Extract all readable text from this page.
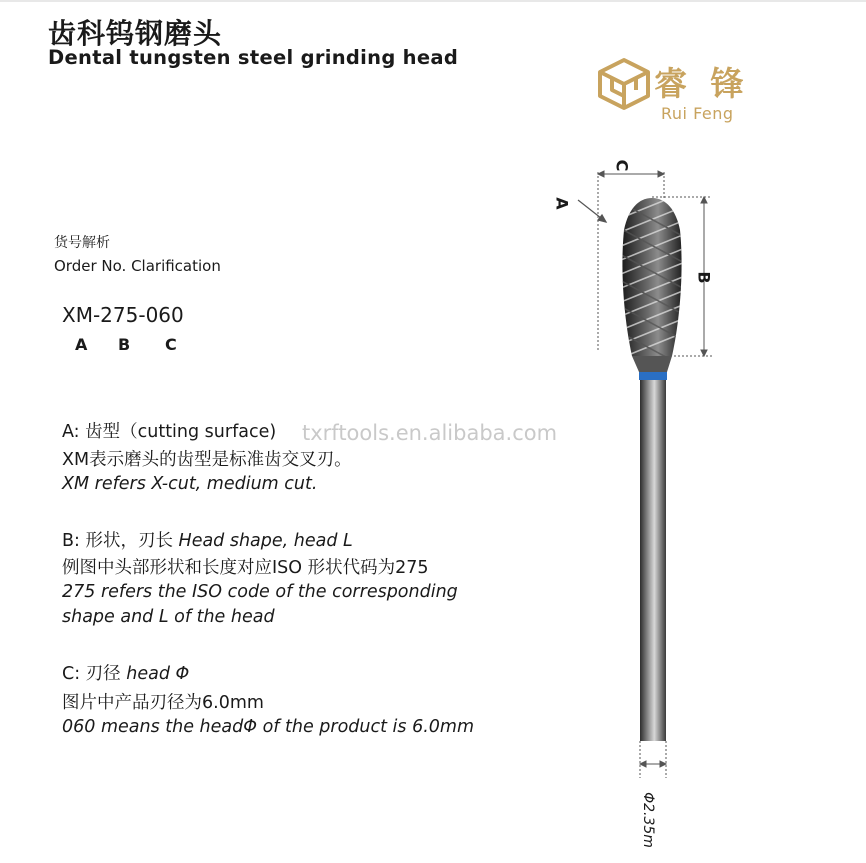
齿科钨钢磨头
Dental tungsten steel grinding head
睿 锋
Rui Feng
货号解析
Order No. Clarification
XM-275-060
A B C
A: 齿型（cutting surface)
XM表示磨头的齿型是标准齿交叉刃。
XM refers X-cut, medium cut.
B: 形状，刃长 Head shape, head L
例图中头部形状和长度对应ISO 形状代码为275
275 refers the ISO code of the corresponding
shape and L of the head
C: 刃径 head Φ
图片中产品刃径为6.0mm
060 means the headΦ of the product is 6.0mm
txrftools.en.alibaba.com
C
B
A
Φ2.35m
